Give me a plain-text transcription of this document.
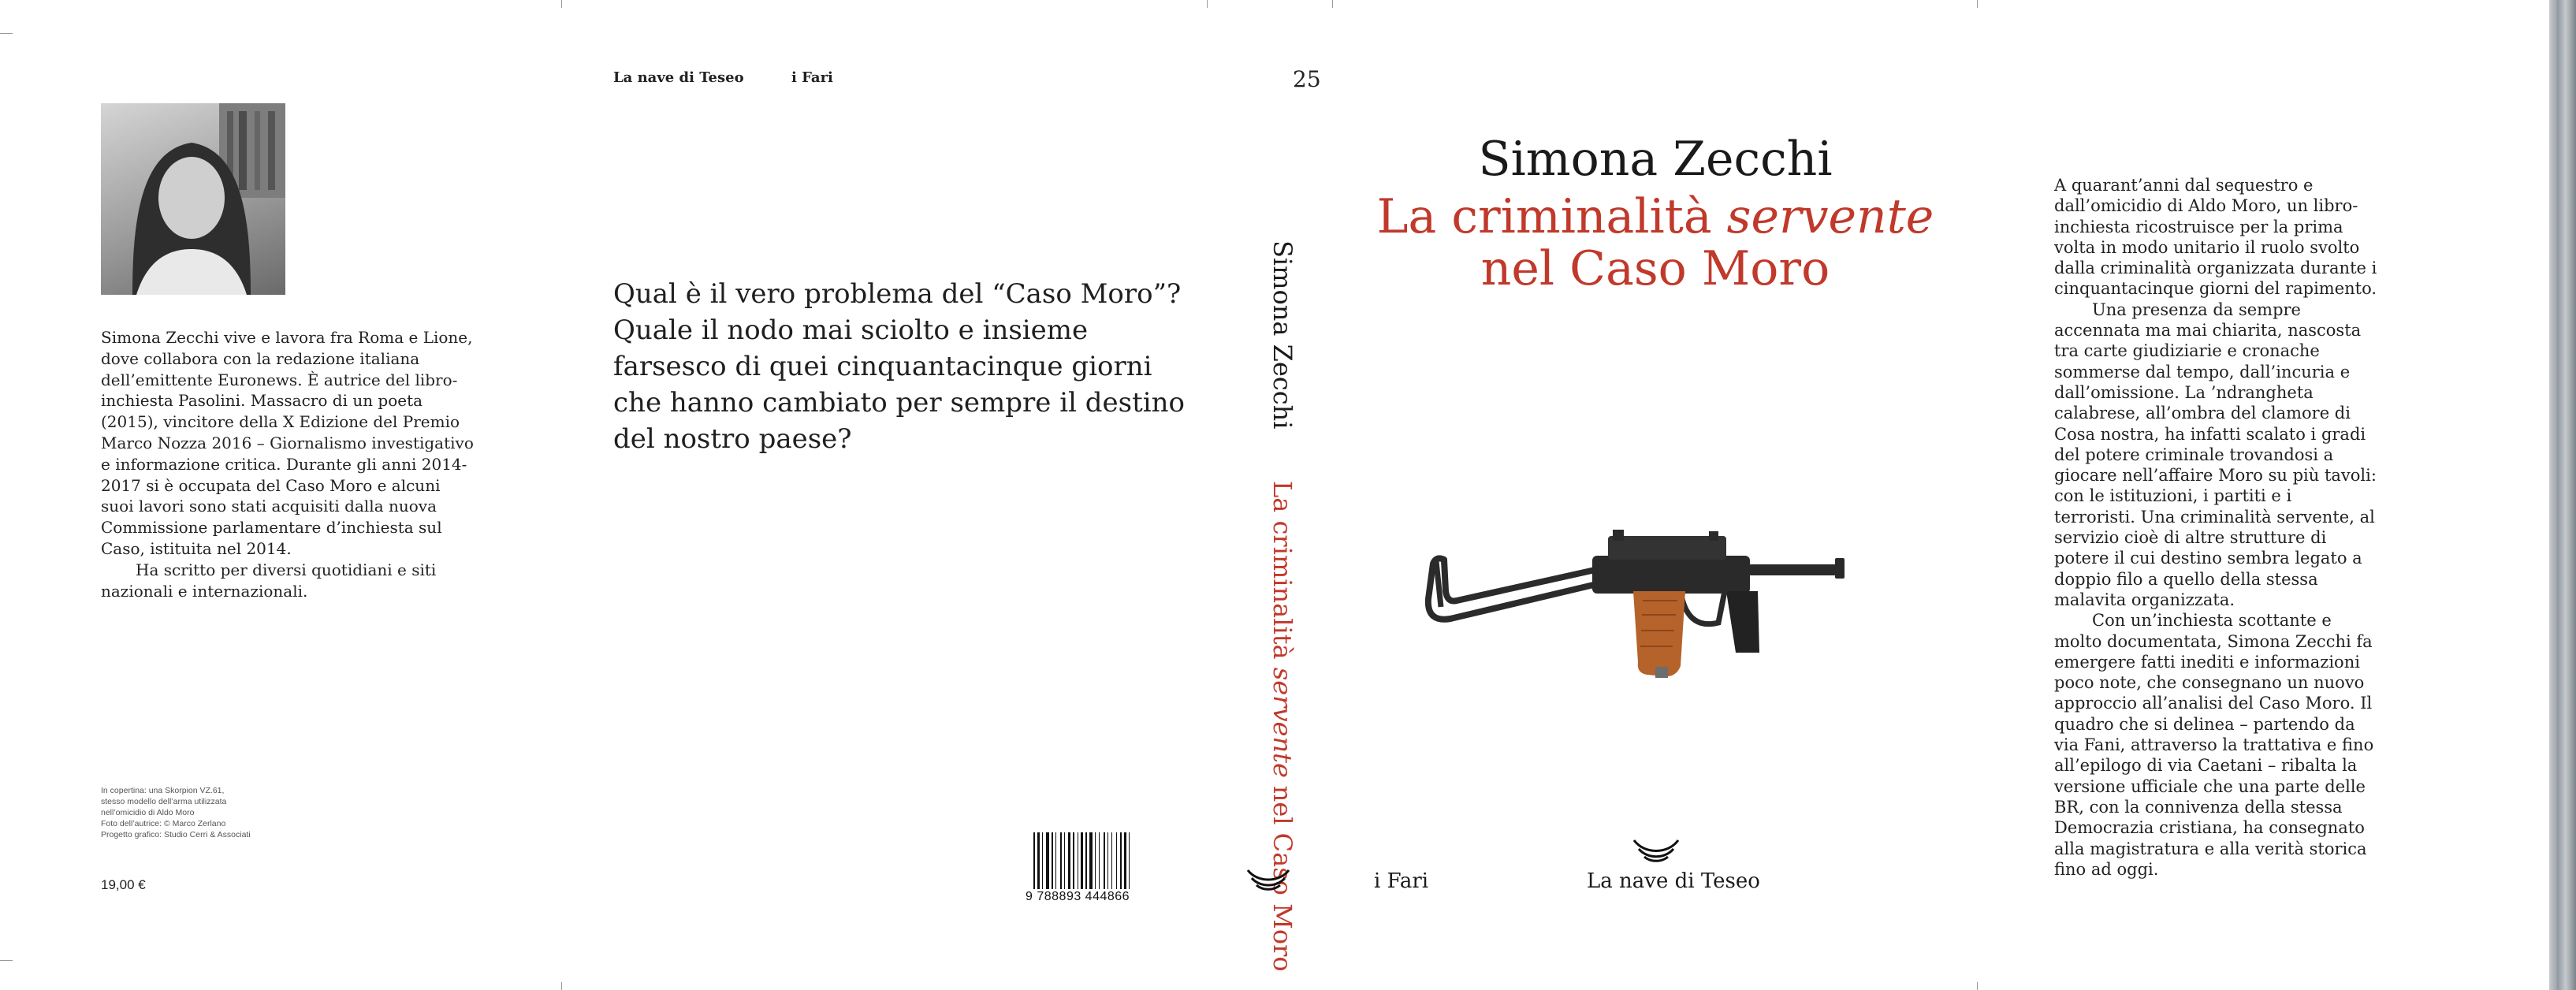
Simona Zecchi vive e lavora fra Roma e Lione, dove collabora con la redazione italiana dell’emittente Euronews. È autrice del libro-inchiesta Pasolini. Massacro di un poeta (2015), vincitore della X Edizione del Premio Marco Nozza 2016 – Giornalismo investigativo e informazione critica. Durante gli anni 2014-2017 si è occupata del Caso Moro e alcuni suoi lavori sono stati acquisiti dalla nuova Commissione parlamentare d’inchiesta sul Caso, istituita nel 2014.

Ha scritto per diversi quotidiani e siti nazionali e internazionali.

In copertina: una Skorpion VZ.61,
stesso modello dell’arma utilizzata
nell’omicidio di Aldo Moro
Foto dell’autrice: © Marco Zerlano
Progetto grafico: Studio Cerri & Associati
19,00 €
La nave di Teseo	i Fari
Qual è il vero problema del “Caso Moro”? Quale il nodo mai sciolto e insieme farsesco di quei cinquantacinque giorni che hanno cambiato per sempre il destino del nostro paese?
9 788893 444866
25
Simona Zecchi La criminalità servente nel Caso Moro
Simona Zecchi
La criminalità servente
nel Caso Moro
i Fari	La nave di Teseo

A quarant’anni dal sequestro e dall’omicidio di Aldo Moro, un libro-inchiesta ricostruisce per la prima volta in modo unitario il ruolo svolto dalla criminalità organizzata durante i cinquantacinque giorni del rapimento.

Una presenza da sempre accennata ma mai chiarita, nascosta tra carte giudiziarie e cronache sommerse dal tempo, dall’incuria e dall’omissione. La ’ndrangheta calabrese, all’ombra del clamore di Cosa nostra, ha infatti scalato i gradi del potere criminale trovandosi a giocare nell’affaire Moro su più tavoli: con le istituzioni, i partiti e i terroristi. Una criminalità servente, al servizio cioè di altre strutture di potere il cui destino sembra legato a doppio filo a quello della stessa malavita organizzata.

Con un’inchiesta scottante e molto documentata, Simona Zecchi fa emergere fatti inediti e informazioni poco note, che consegnano un nuovo approccio all’analisi del Caso Moro. Il quadro che si delinea – partendo da via Fani, attraverso la trattativa e fino all’epilogo di via Caetani – ribalta la versione ufficiale che una parte delle BR, con la connivenza della stessa Democrazia cristiana, ha consegnato alla magistratura e alla verità storica fino ad oggi.
